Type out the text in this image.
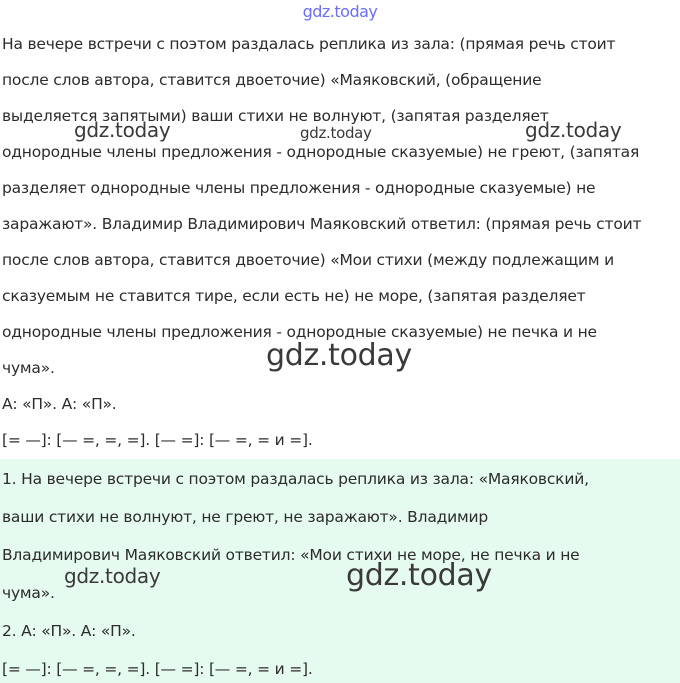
gdz.today

На вечере встречи с поэтом раздалась реплика из зала: (прямая речь стоит

после слов автора, ставится двоеточие) «Маяковский, (обращение

выделяется запятыми) ваши стихи не волнуют, (запятая разделяет

однородные члены предложения - однородные сказуемые) не греют, (запятая

разделяет однородные члены предложения - однородные сказуемые) не

заражают». Владимир Владимирович Маяковский ответил: (прямая речь стоит

после слов автора, ставится двоеточие) «Мои стихи (между подлежащим и

сказуемым не ставится тире, если есть не) не море, (запятая разделяет

однородные члены предложения - однородные сказуемые) не печка и не

чума».

А: «П». А: «П».

[= —]: [— =, =, =]. [— =]: [— =, = и =].

1. На вечере встречи с поэтом раздалась реплика из зала: «Маяковский,

ваши стихи не волнуют, не греют, не заражают». Владимир

Владимирович Маяковский ответил: «Мои стихи не море, не печка и не

чума».

2. А: «П». А: «П».

[= —]: [— =, =, =]. [— =]: [— =, = и =].

gdz.today	gdz.today	gdz.today
gdz.today
gdz.today	gdz.today
